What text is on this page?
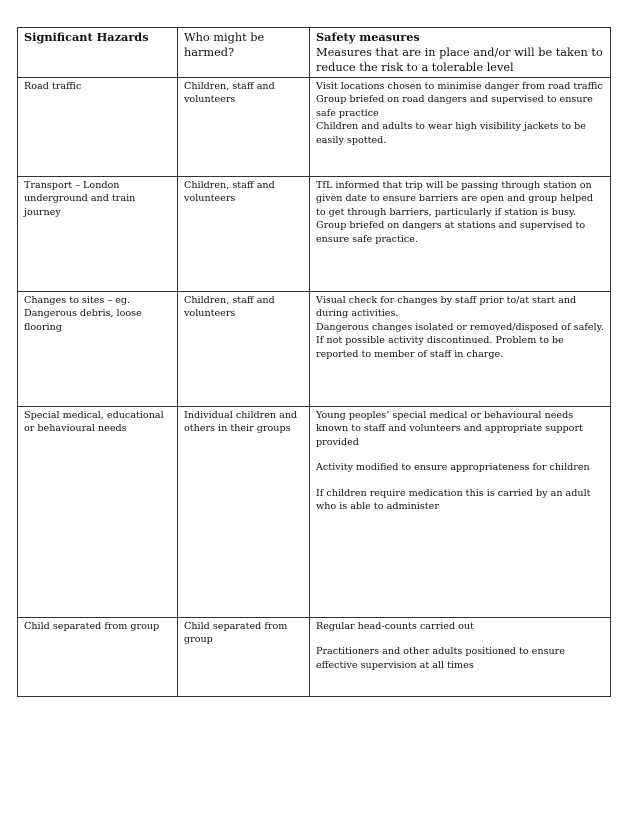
Significant Hazards	Who might be harmed?	Safety measures
Measures that are in place and/or will be taken to reduce the risk to a tolerable level

Road traffic	Children, staff and volunteers	Visit locations chosen to minimise danger from road traffic
Group briefed on road dangers and supervised to ensure safe practice
Children and adults to wear high visibility jackets to be easily spotted.

Transport – London underground and train journey	Children, staff and volunteers	TfL informed that trip will be passing through station on given date to ensure barriers are open and group helped to get through barriers, particularly if station is busy.
Group briefed on dangers at stations and supervised to ensure safe practice.

Changes to sites – eg. Dangerous debris, loose flooring	Children, staff and volunteers	Visual check for changes by staff prior to/at start and during activities.
Dangerous changes isolated or removed/disposed of safely. If not possible activity discontinued. Problem to be reported to member of staff in charge.

Special medical, educational or behavioural needs	Individual children and others in their groups	Young peoples’ special medical or behavioural needs known to staff and volunteers and appropriate support provided
Activity modified to ensure appropriateness for children
If children require medication this is carried by an adult who is able to administer

Child separated from group	Child separated from group	Regular head-counts carried out
Practitioners and other adults positioned to ensure effective supervision at all times
